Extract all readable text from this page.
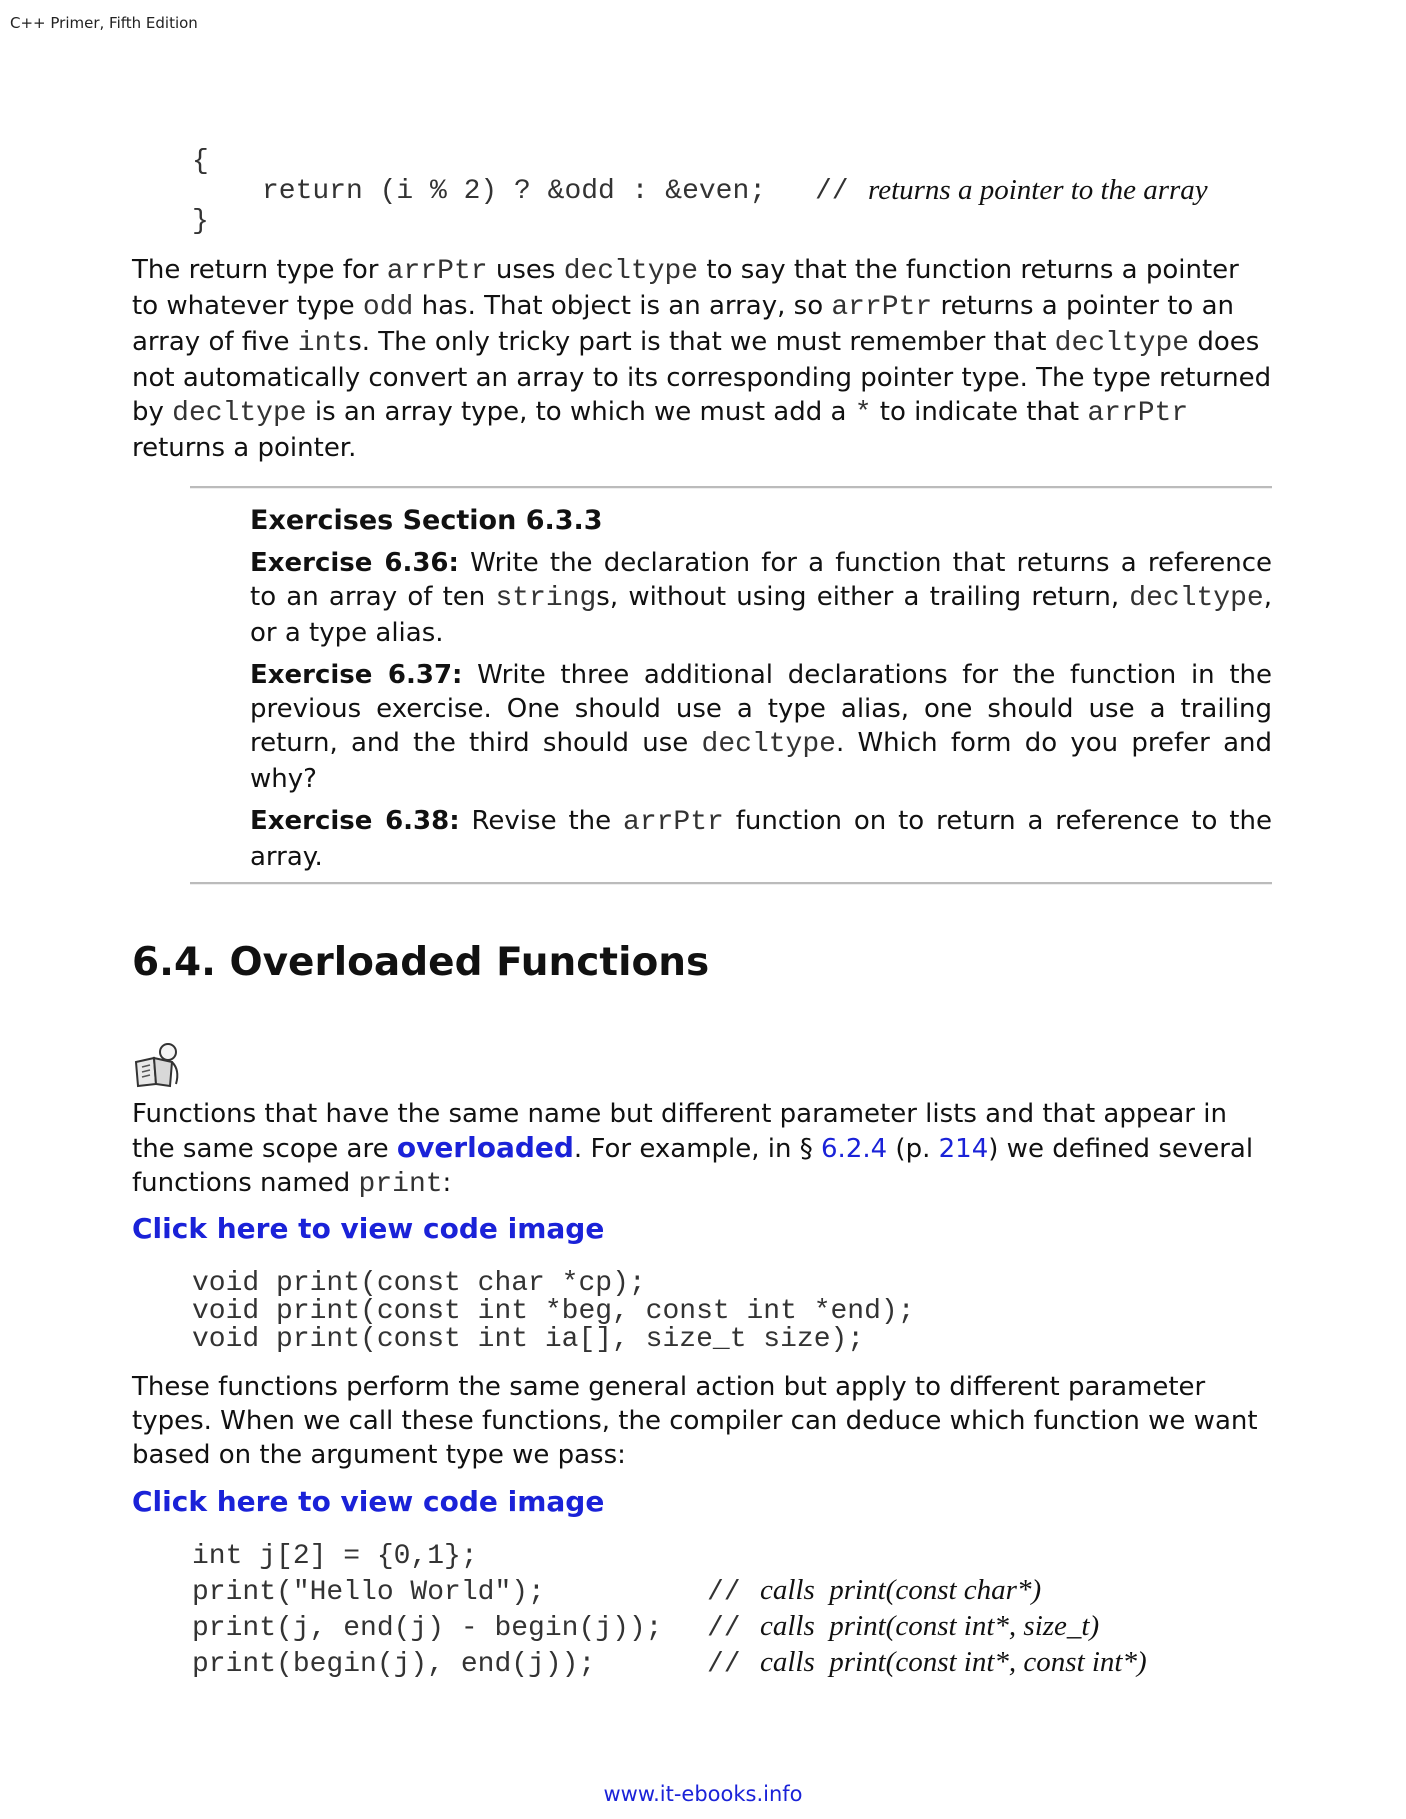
C++ Primer, Fifth Edition
{
return (i % 2) ? &odd : &even; // returns a pointer to the array
}
The return type for arrPtr uses decltype to say that the function returns a pointer to whatever type odd has. That object is an array, so arrPtr returns a pointer to an array of five ints. The only tricky part is that we must remember that decltype does not automatically convert an array to its corresponding pointer type. The type returned by decltype is an array type, to which we must add a * to indicate that arrPtr returns a pointer.
Exercises Section 6.3.3
Exercise 6.36: Write the declaration for a function that returns a reference to an array of ten strings, without using either a trailing return, decltype, or a type alias.
Exercise 6.37: Write three additional declarations for the function in the previous exercise. One should use a type alias, one should use a trailing return, and the third should use decltype. Which form do you prefer and why?
Exercise 6.38: Revise the arrPtr function on to return a reference to the array.
6.4. Overloaded Functions
Functions that have the same name but different parameter lists and that appear in the same scope are overloaded. For example, in § 6.2.4 (p. 214) we defined several functions named print:
Click here to view code image
void print(const char *cp);
void print(const int *beg, const int *end);
void print(const int ia[], size_t size);
These functions perform the same general action but apply to different parameter types. When we call these functions, the compiler can deduce which function we want based on the argument type we pass:
Click here to view code image
int j[2] = {0,1};
print("Hello World");	// calls  print(const char*)
print(j, end(j) - begin(j)); // calls  print(const int*, size_t)
print(begin(j), end(j));	// calls  print(const int*, const int*)
www.it-ebooks.info
